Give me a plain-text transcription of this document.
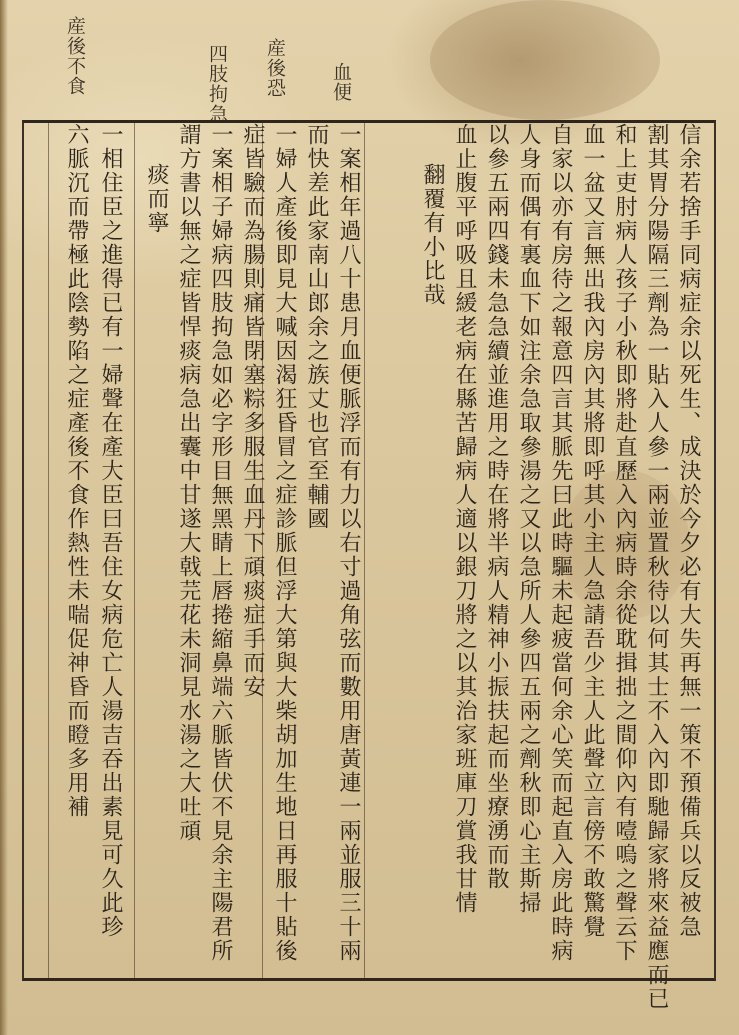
産後不食	四肢拘急 産後恐 血便
信余若捨手同病症余以死生、成決於今夕必有大失再無一策不預備兵以反被急
割其胃分陽隔三劑為一貼入人參一兩並置秋待以何其士不入內即馳歸家將來益應而已
和上吏肘病人孩子小秋即將赴直歷入內病時余從耽揖拙之間仰內有噎嗚之聲云下
血一盆又言無出我內房內其將即呼其小主人急請吾少主人此聲立言傍不敢驚覺
自家以亦有房待之報意四言其脈先曰此時驅未起疲當何余心笑而起直入房此時病
人身而偶有裏血下如注余急取參湯之又以急所人參四五兩之劑秋即心主斯掃
以參五兩四錢未急急續並進用之時在將半病人精神小振扶起而坐療湧而散
血止腹平呼吸且緩老病在縣苦歸病人適以銀刀將之以其治家班庫刀賞我甘情
翻覆有小比哉
一案相年過八十患月血便脈浮而有力以右寸過角弦而數用唐黃連一兩並服三十兩
而快差此家南山郎余之族丈也官至輔國
一婦人產後即見大喊因渴狂昏冒之症診脈但浮大第與大柴胡加生地日再服十貼後
症皆驗而為腸則痛皆閉塞粽多服生血丹下頑痰症手而安
一案相子婦病四肢拘急如必字形目無黑睛上唇捲縮鼻端六脈皆伏不見余主陽君所
謂方書以無之症皆悍痰病急出囊中甘遂大戟芫花未洞見水湯之大吐頑
痰而寧
一相住臣之進得已有一婦聲在產大臣曰吾住女病危亡人湯吉吞出素見可久此珍
六脈沉而帶極此陰勢陷之症產後不食作熱性未喘促神昏而瞪多用補
